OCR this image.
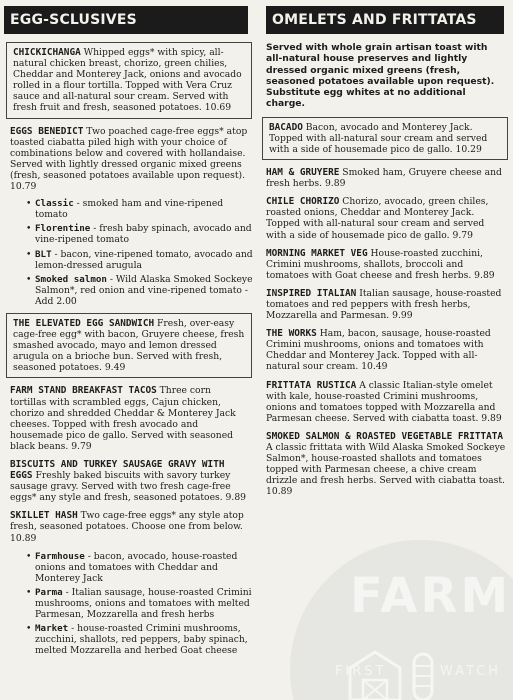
FARM
FIRST	WATCH
EGG-SCLUSIVES
CHICKICHANGA Whipped eggs* with spicy, all-natural chicken breast, chorizo, green chilies, Cheddar and Monterey Jack, onions and avocado rolled in a flour tortilla. Topped with Vera Cruz sauce and all-natural sour cream. Served with fresh fruit and fresh, seasoned potatoes. 10.69
EGGS BENEDICT Two poached cage-free eggs* atop toasted ciabatta piled high with your choice of combinations below and covered with hollandaise. Served with lightly dressed organic mixed greens (fresh, seasoned potatoes available upon request). 10.79
• Classic - smoked ham and vine-ripened tomato
• Florentine - fresh baby spinach, avocado and vine-ripened tomato
• BLT - bacon, vine-ripened tomato, avocado and lemon-dressed arugula
• Smoked salmon - Wild Alaska Smoked Sockeye Salmon*, red onion and vine-ripened tomato - Add 2.00
THE ELEVATED EGG SANDWICH Fresh, over-easy cage-free egg* with bacon, Gruyere cheese, fresh smashed avocado, mayo and lemon dressed arugula on a brioche bun. Served with fresh, seasoned potatoes. 9.49
FARM STAND BREAKFAST TACOS Three corn tortillas with scrambled eggs, Cajun chicken, chorizo and shredded Cheddar & Monterey Jack cheeses. Topped with fresh avocado and housemade pico de gallo. Served with seasoned black beans. 9.79
BISCUITS AND TURKEY SAUSAGE GRAVY WITH EGGS Freshly baked biscuits with savory turkey sausage gravy. Served with two fresh cage-free eggs* any style and fresh, seasoned potatoes. 9.89
SKILLET HASH Two cage-free eggs* any style atop fresh, seasoned potatoes. Choose one from below. 10.89
• Farmhouse - bacon, avocado, house-roasted onions and tomatoes with Cheddar and Monterey Jack
• Parma - Italian sausage, house-roasted Crimini mushrooms, onions and tomatoes with melted Parmesan, Mozzarella and fresh herbs
• Market - house-roasted Crimini mushrooms, zucchini, shallots, red peppers, baby spinach, melted Mozzarella and herbed Goat cheese
OMELETS AND FRITTATAS
Served with whole grain artisan toast with all-natural house preserves and lightly dressed organic mixed greens (fresh, seasoned potatoes available upon request). Substitute egg whites at no additional charge.
BACADO Bacon, avocado and Monterey Jack. Topped with all-natural sour cream and served with a side of housemade pico de gallo. 10.29
HAM & GRUYERE Smoked ham, Gruyere cheese and fresh herbs. 9.89
CHILE CHORIZO Chorizo, avocado, green chiles, roasted onions, Cheddar and Monterey Jack. Topped with all-natural sour cream and served with a side of housemade pico de gallo. 9.79
MORNING MARKET VEG House-roasted zucchini, Crimini mushrooms, shallots, broccoli and tomatoes with Goat cheese and fresh herbs. 9.89
INSPIRED ITALIAN Italian sausage, house-roasted tomatoes and red peppers with fresh herbs, Mozzarella and Parmesan. 9.99
THE WORKS Ham, bacon, sausage, house-roasted Crimini mushrooms, onions and tomatoes with Cheddar and Monterey Jack. Topped with all-natural sour cream. 10.49
FRITTATA RUSTICA A classic Italian-style omelet with kale, house-roasted Crimini mushrooms, onions and tomatoes topped with Mozzarella and Parmesan cheese. Served with ciabatta toast. 9.89
SMOKED SALMON & ROASTED VEGETABLE FRITTATA A classic frittata with Wild Alaska Smoked Sockeye Salmon*, house-roasted shallots and tomatoes topped with Parmesan cheese, a chive cream drizzle and fresh herbs. Served with ciabatta toast. 10.89
